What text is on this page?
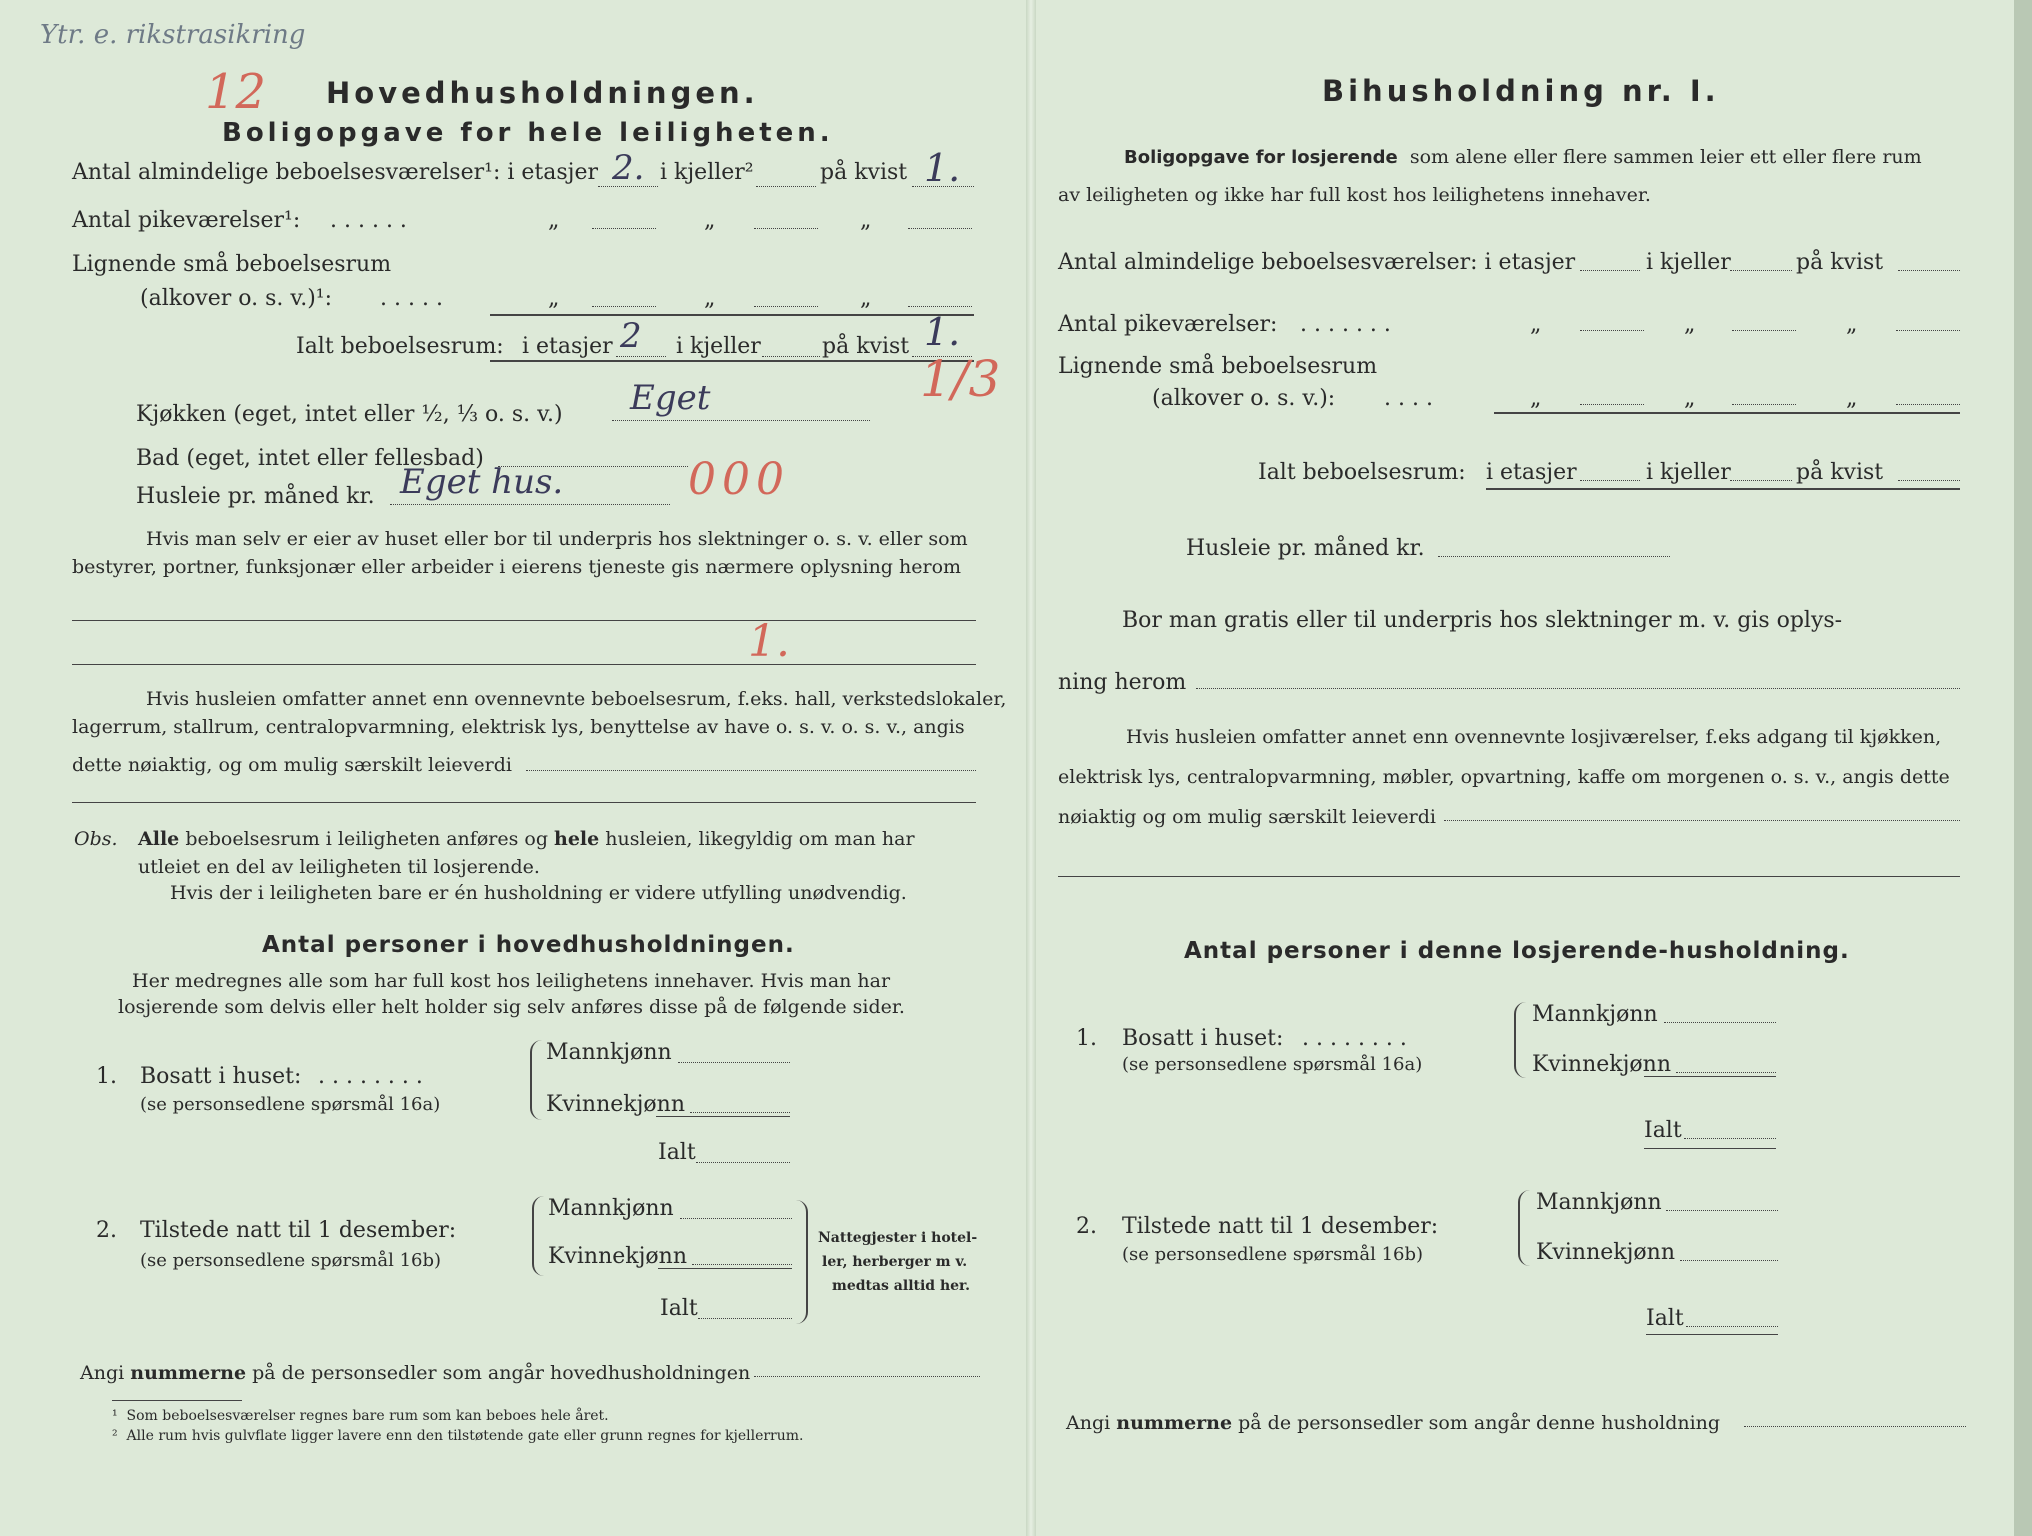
Ytr. e. rikstrasikring
12 Hovedhusholdningen.
Boligopgave for hele leiligheten.
Antal almindelige beboelsesværelser¹: i etasjer 2. i kjeller²	på kvist 1.
Antal pikeværelser¹: . . . . . .	„	„	„
Lignende små beboelsesrum
(alkover o. s. v.)¹: . . . . .	„	„	„
Ialt beboelsesrum: i etasjer 2 i kjeller	på kvist 1.
1/3
Kjøkken (eget, intet eller ½, ⅓ o. s. v.) Eget
Bad (eget, intet eller fellesbad)
Husleie pr. måned kr. Eget hus.	000
Hvis man selv er eier av huset eller bor til underpris hos slektninger o. s. v. eller som
bestyrer, portner, funksjonær eller arbeider i eierens tjeneste gis nærmere oplysning herom
1.
Hvis husleien omfatter annet enn ovennevnte beboelsesrum, f.eks. hall, verkstedslokaler,
lagerrum, stallrum, centralopvarmning, elektrisk lys, benyttelse av have o. s. v. o. s. v., angis
dette nøiaktig, og om mulig særskilt leieverdi
Obs. Alle beboelsesrum i leiligheten anføres og hele husleien, likegyldig om man har
utleiet en del av leiligheten til losjerende.
Hvis der i leiligheten bare er én husholdning er videre utfylling unødvendig.
Antal personer i hovedhusholdningen.
Her medregnes alle som har full kost hos leilighetens innehaver. Hvis man har
losjerende som delvis eller helt holder sig selv anføres disse på de følgende sider.
1. Bosatt i huset: . . . . . . . .
(se personsedlene spørsmål 16a)
Mannkjønn
Kvinnekjønn
Ialt
2. Tilstede natt til 1 desember:
(se personsedlene spørsmål 16b)
Mannkjønn
Kvinnekjønn
Ialt
Nattegjester i hotel-
ler, herberger m v.
medtas alltid her.
Angi nummerne på de personsedler som angår hovedhusholdningen
¹ Som beboelsesværelser regnes bare rum som kan beboes hele året.
² Alle rum hvis gulvflate ligger lavere enn den tilstøtende gate eller grunn regnes for kjellerrum.
Bihusholdning nr. I.
Boligopgave for losjerende som alene eller flere sammen leier ett eller flere rum
av leiligheten og ikke har full kost hos leilighetens innehaver.
Antal almindelige beboelsesværelser: i etasjer	i kjeller	på kvist
Antal pikeværelser: . . . . . . .	„	„	„
Lignende små beboelsesrum
(alkover o. s. v.): . . . .	„	„	„
Ialt beboelsesrum: i etasjer	i kjeller	på kvist
Husleie pr. måned kr.
Bor man gratis eller til underpris hos slektninger m. v. gis oplys-
ning herom
Hvis husleien omfatter annet enn ovennevnte losjiværelser, f.eks adgang til kjøkken,
elektrisk lys, centralopvarmning, møbler, opvartning, kaffe om morgenen o. s. v., angis dette
nøiaktig og om mulig særskilt leieverdi
Antal personer i denne losjerende-husholdning.
1. Bosatt i huset: . . . . . . . .
(se personsedlene spørsmål 16a)
Mannkjønn
Kvinnekjønn
Ialt
2. Tilstede natt til 1 desember:
(se personsedlene spørsmål 16b)
Mannkjønn
Kvinnekjønn
Ialt
Angi nummerne på de personsedler som angår denne husholdning
